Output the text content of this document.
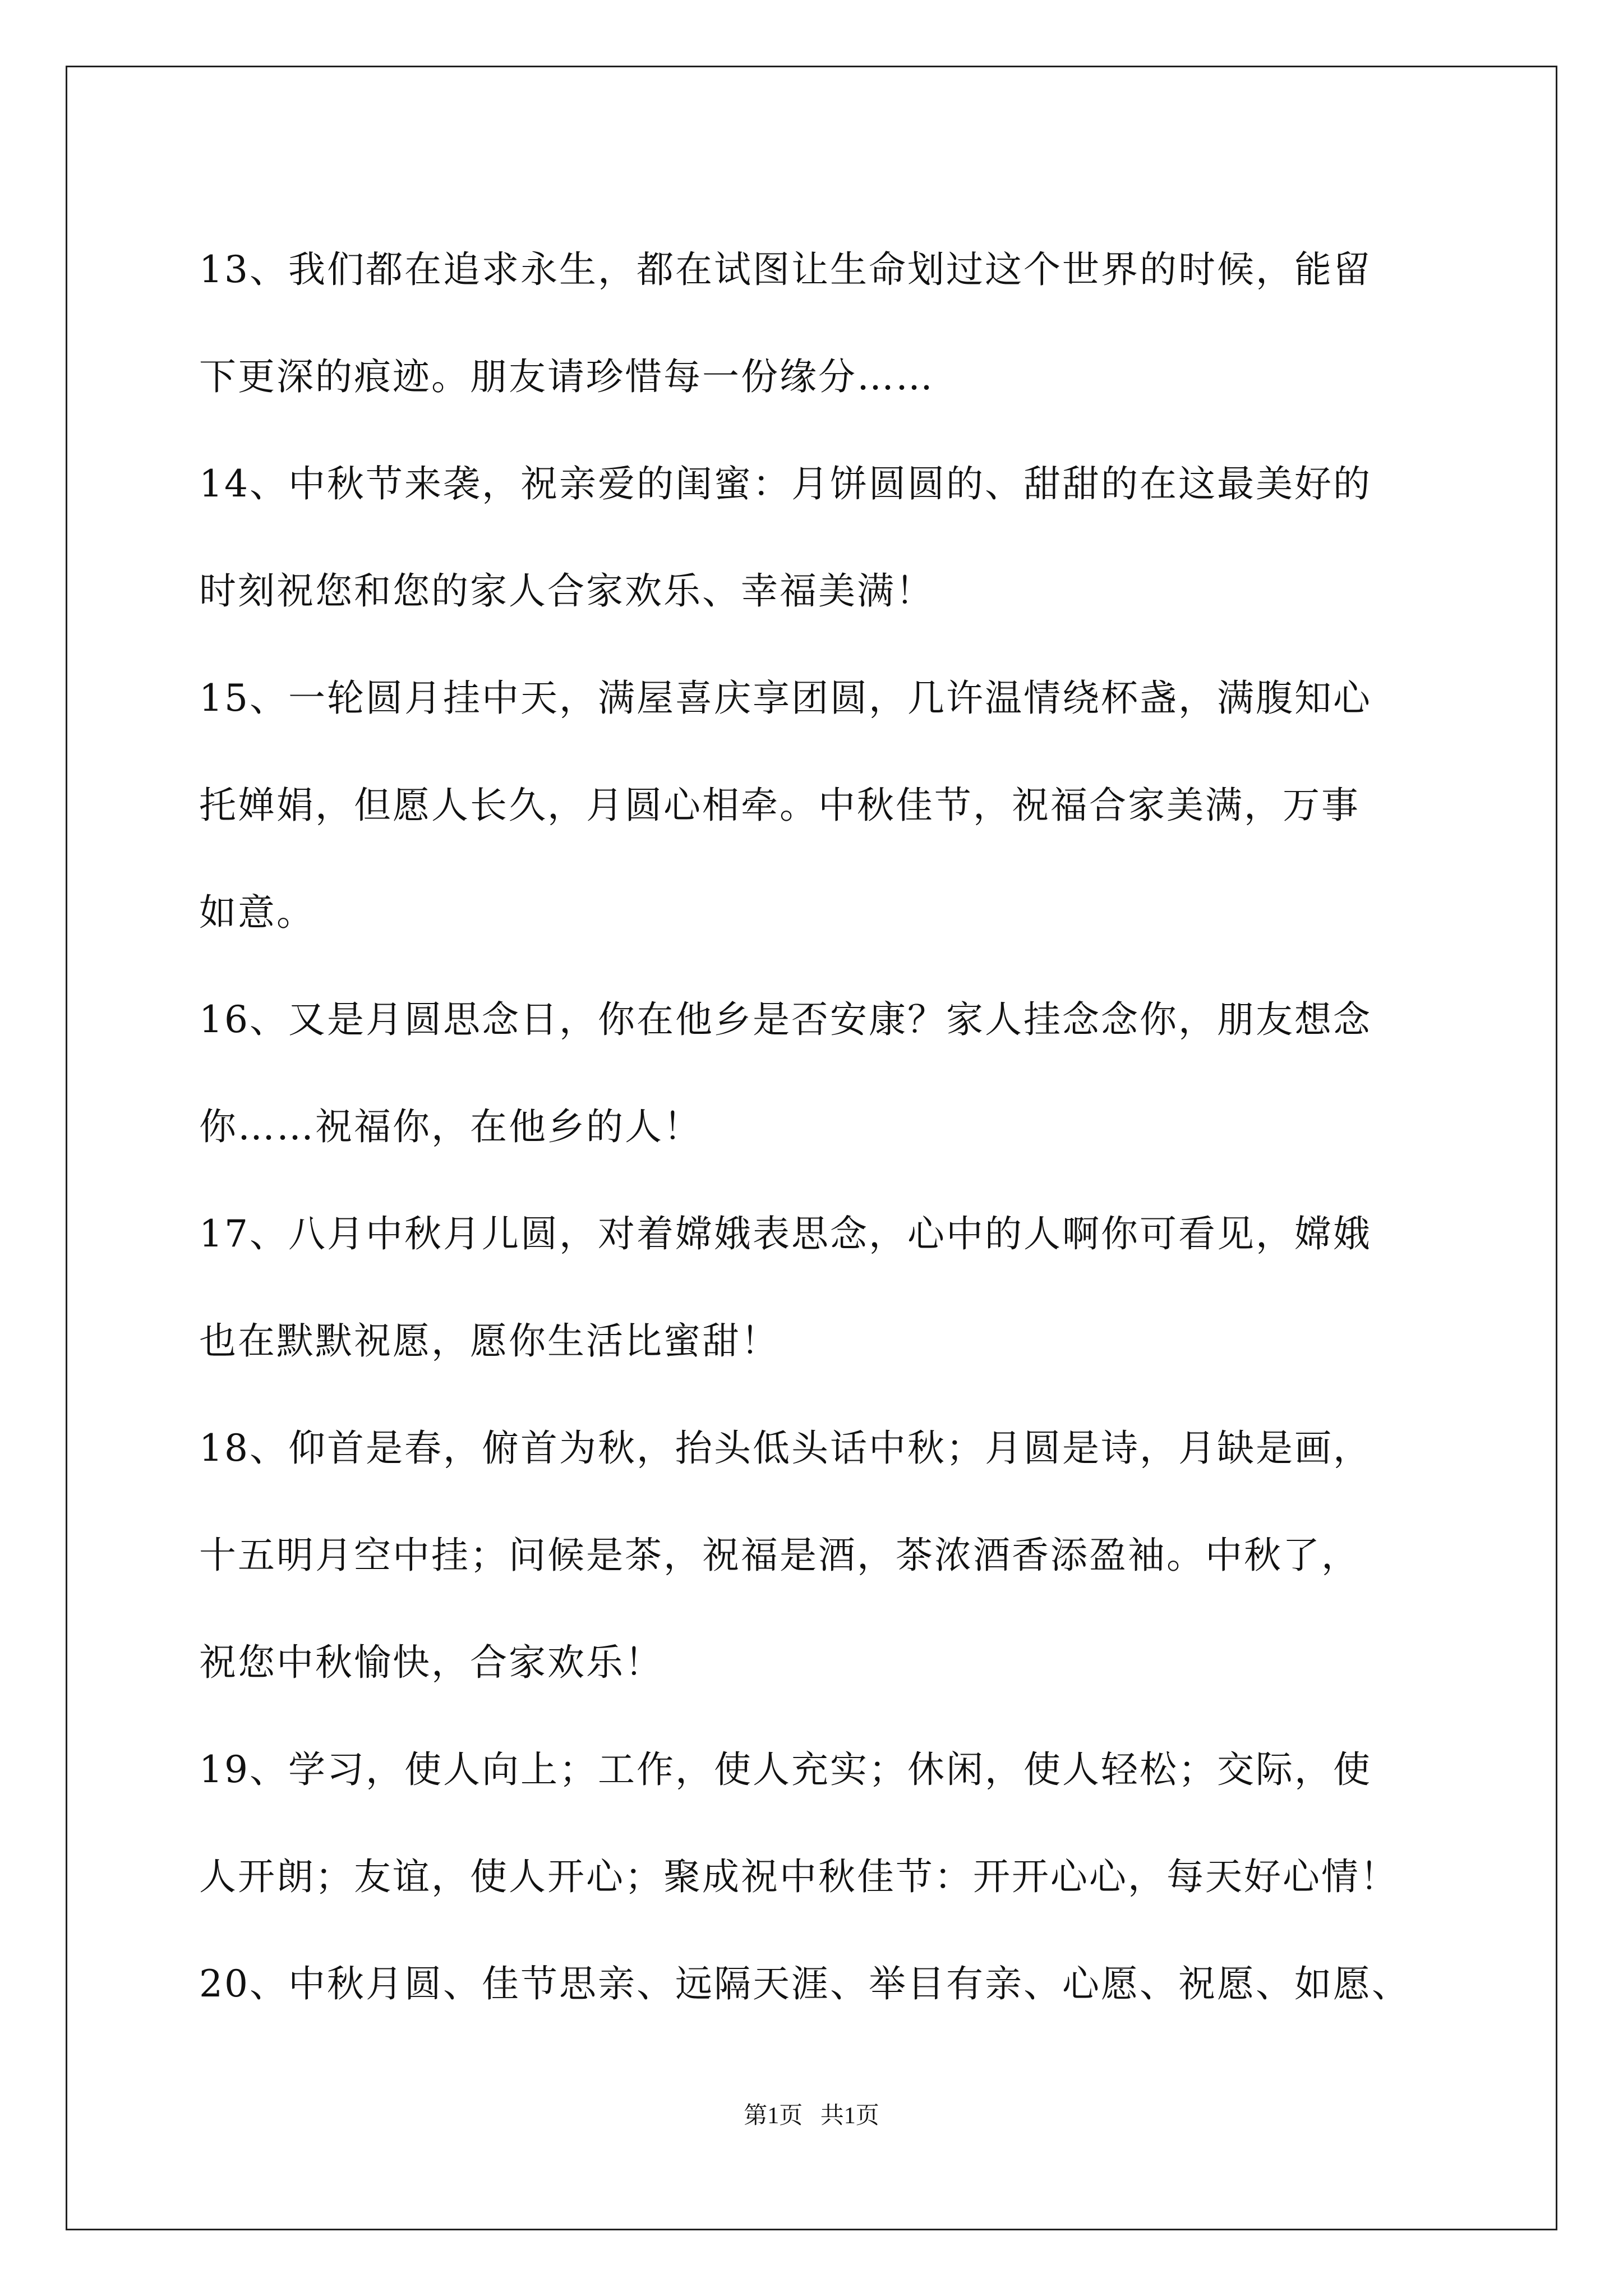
13、我们都在追求永生，都在试图让生命划过这个世界的时候，能留
下更深的痕迹。朋友请珍惜每一份缘分……
14、中秋节来袭，祝亲爱的闺蜜：月饼圆圆的、甜甜的在这最美好的
时刻祝您和您的家人合家欢乐、幸福美满！
15、一轮圆月挂中天，满屋喜庆享团圆，几许温情绕杯盏，满腹知心
托婵娟，但愿人长久，月圆心相牵。中秋佳节，祝福合家美满，万事
如意。
16、又是月圆思念日，你在他乡是否安康？家人挂念念你，朋友想念
你……祝福你，在他乡的人！
17、八月中秋月儿圆，对着嫦娥表思念，心中的人啊你可看见，嫦娥
也在默默祝愿，愿你生活比蜜甜！
18、仰首是春，俯首为秋，抬头低头话中秋；月圆是诗，月缺是画，
十五明月空中挂；问候是茶，祝福是酒，茶浓酒香添盈袖。中秋了，
祝您中秋愉快，合家欢乐！
19、学习，使人向上；工作，使人充实；休闲，使人轻松；交际，使
人开朗；友谊，使人开心；聚成祝中秋佳节：开开心心，每天好心情！
20、中秋月圆、佳节思亲、远隔天涯、举目有亲、心愿、祝愿、如愿、
第1页   共1页
